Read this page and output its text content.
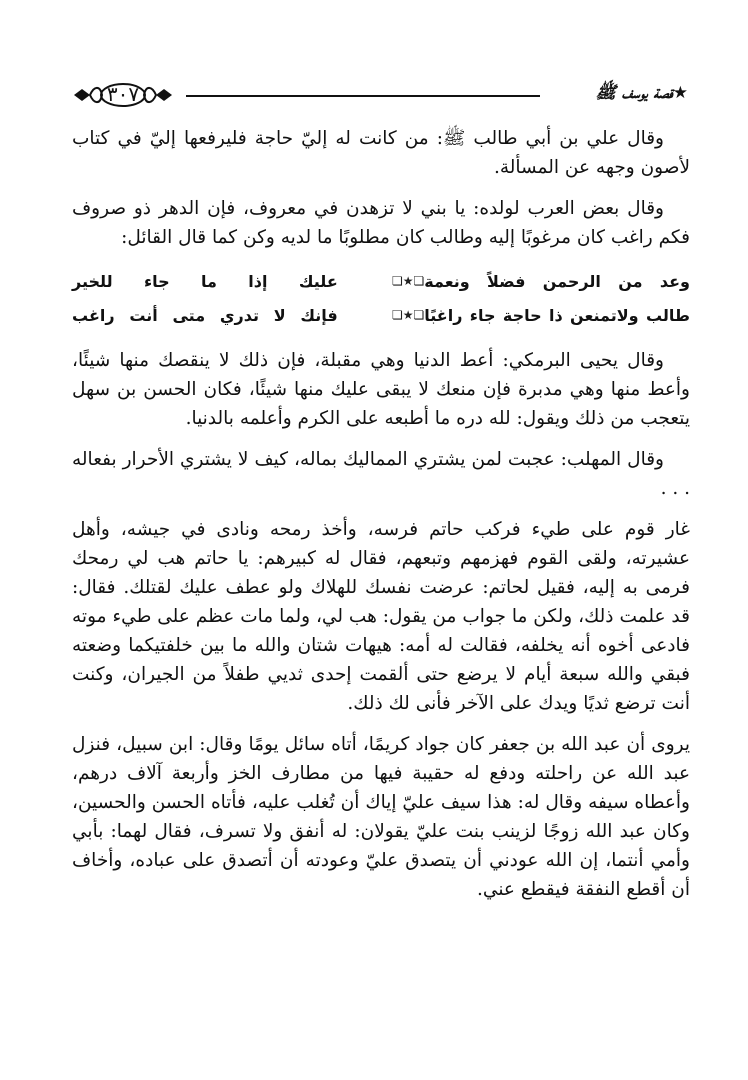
٣٠٧	★قصة يوسف ﷺ

وقال علي بن أبي طالب ﷺ: من كانت له إليّ حاجة فليرفعها إليّ في كتاب لأصون وجهه عن المسألة.

وقال بعض العرب لولده: يا بني لا تزهدن في معروف، فإن الدهر ذو صروف فكم راغب كان مرغوبًا إليه وطالب كان مطلوبًا ما لديه وكن كما قال القائل:

وعد من الرحمن فضلاً ونعمة
❏★❏
عليك إذا ما جاء للخير
طالب ولاتمنعن ذا حاجة جاء راغبًا
❏★❏
فإنك لا تدري متى أنت راغب

وقال يحيى البرمكي: أعط الدنيا وهي مقبلة، فإن ذلك لا ينقصك منها شيئًا، وأعط منها وهي مدبرة فإن منعك لا يبقى عليك منها شيئًا، فكان الحسن بن سهل يتعجب من ذلك ويقول: لله دره ما أطبعه على الكرم وأعلمه بالدنيا.

وقال المهلب: عجبت لمن يشتري المماليك بماله، كيف لا يشتري الأحرار بفعاله . . .

غار قوم على طيء فركب حاتم فرسه، وأخذ رمحه ونادى في جيشه، وأهل عشيرته، ولقى القوم فهزمهم وتبعهم، فقال له كبيرهم: يا حاتم هب لي رمحك فرمى به إليه، فقيل لحاتم: عرضت نفسك للهلاك ولو عطف عليك لقتلك. فقال: قد علمت ذلك، ولكن ما جواب من يقول: هب لي، ولما مات عظم على طيء موته فادعى أخوه أنه يخلفه، فقالت له أمه: هيهات شتان والله ما بين خلفتيكما وضعته فبقي والله سبعة أيام لا يرضع حتى ألقمت إحدى ثديي طفلاً من الجيران، وكنت أنت ترضع ثديًا ويدك على الآخر فأنى لك ذلك.

يروى أن عبد الله بن جعفر كان جواد كريمًا، أتاه سائل يومًا وقال: ابن سبيل، فنزل عبد الله عن راحلته ودفع له حقيبة فيها من مطارف الخز وأربعة آلاف درهم، وأعطاه سيفه وقال له: هذا سيف عليّ إياك أن تُغلب عليه، فأتاه الحسن والحسين، وكان عبد الله زوجًا لزينب بنت عليّ يقولان: له أنفق ولا تسرف، فقال لهما: بأبي وأمي أنتما، إن الله عودني أن يتصدق عليّ وعودته أن أتصدق على عباده، وأخاف أن أقطع النفقة فيقطع عني.
